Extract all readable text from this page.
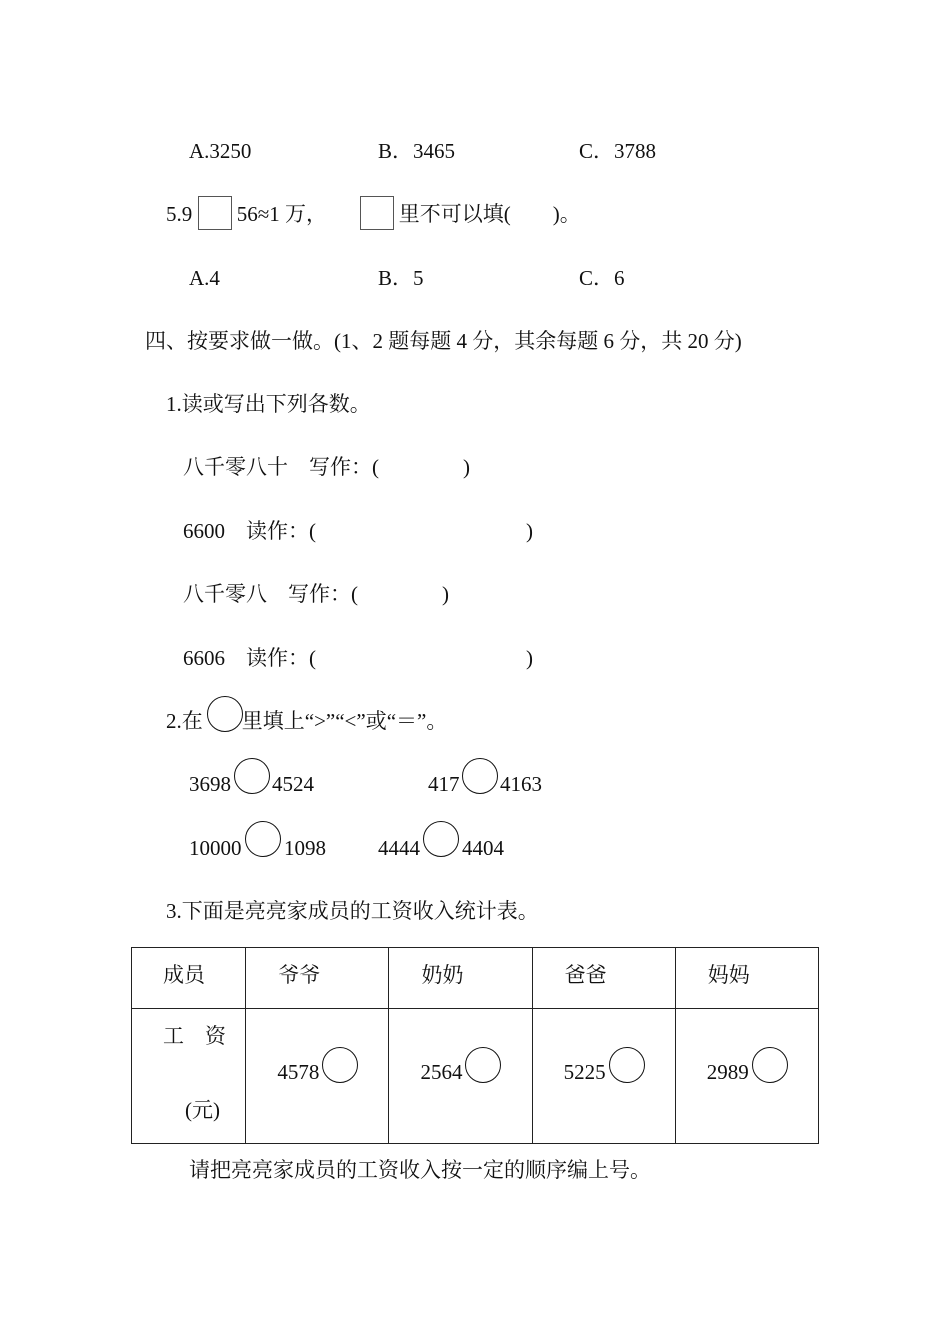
A.3250	B．3465	C．3788
5.9 56≈1 万，	里不可以填(　　)。
A.4	B．5	C．6
四、按要求做一做。(1、2 题每题 4 分，其余每题 6 分，共 20 分)
1.读或写出下列各数。
八千零八十　写作：(　　　　)
6600　读作：(　　　　　　　　　　)
八千零八　写作：(　　　　)
6606　读作：(　　　　　　　　　　)
2.在 里填上“>”“<”或“＝”。
3698 4524	417 4163
10000 1098 4444 4404
3.下面是亮亮家成员的工资收入统计表。
成员	爷爷	奶奶	爸爸	妈妈

工　资
(元)	4578	2564	5225	2989
请把亮亮家成员的工资收入按一定的顺序编上号。
